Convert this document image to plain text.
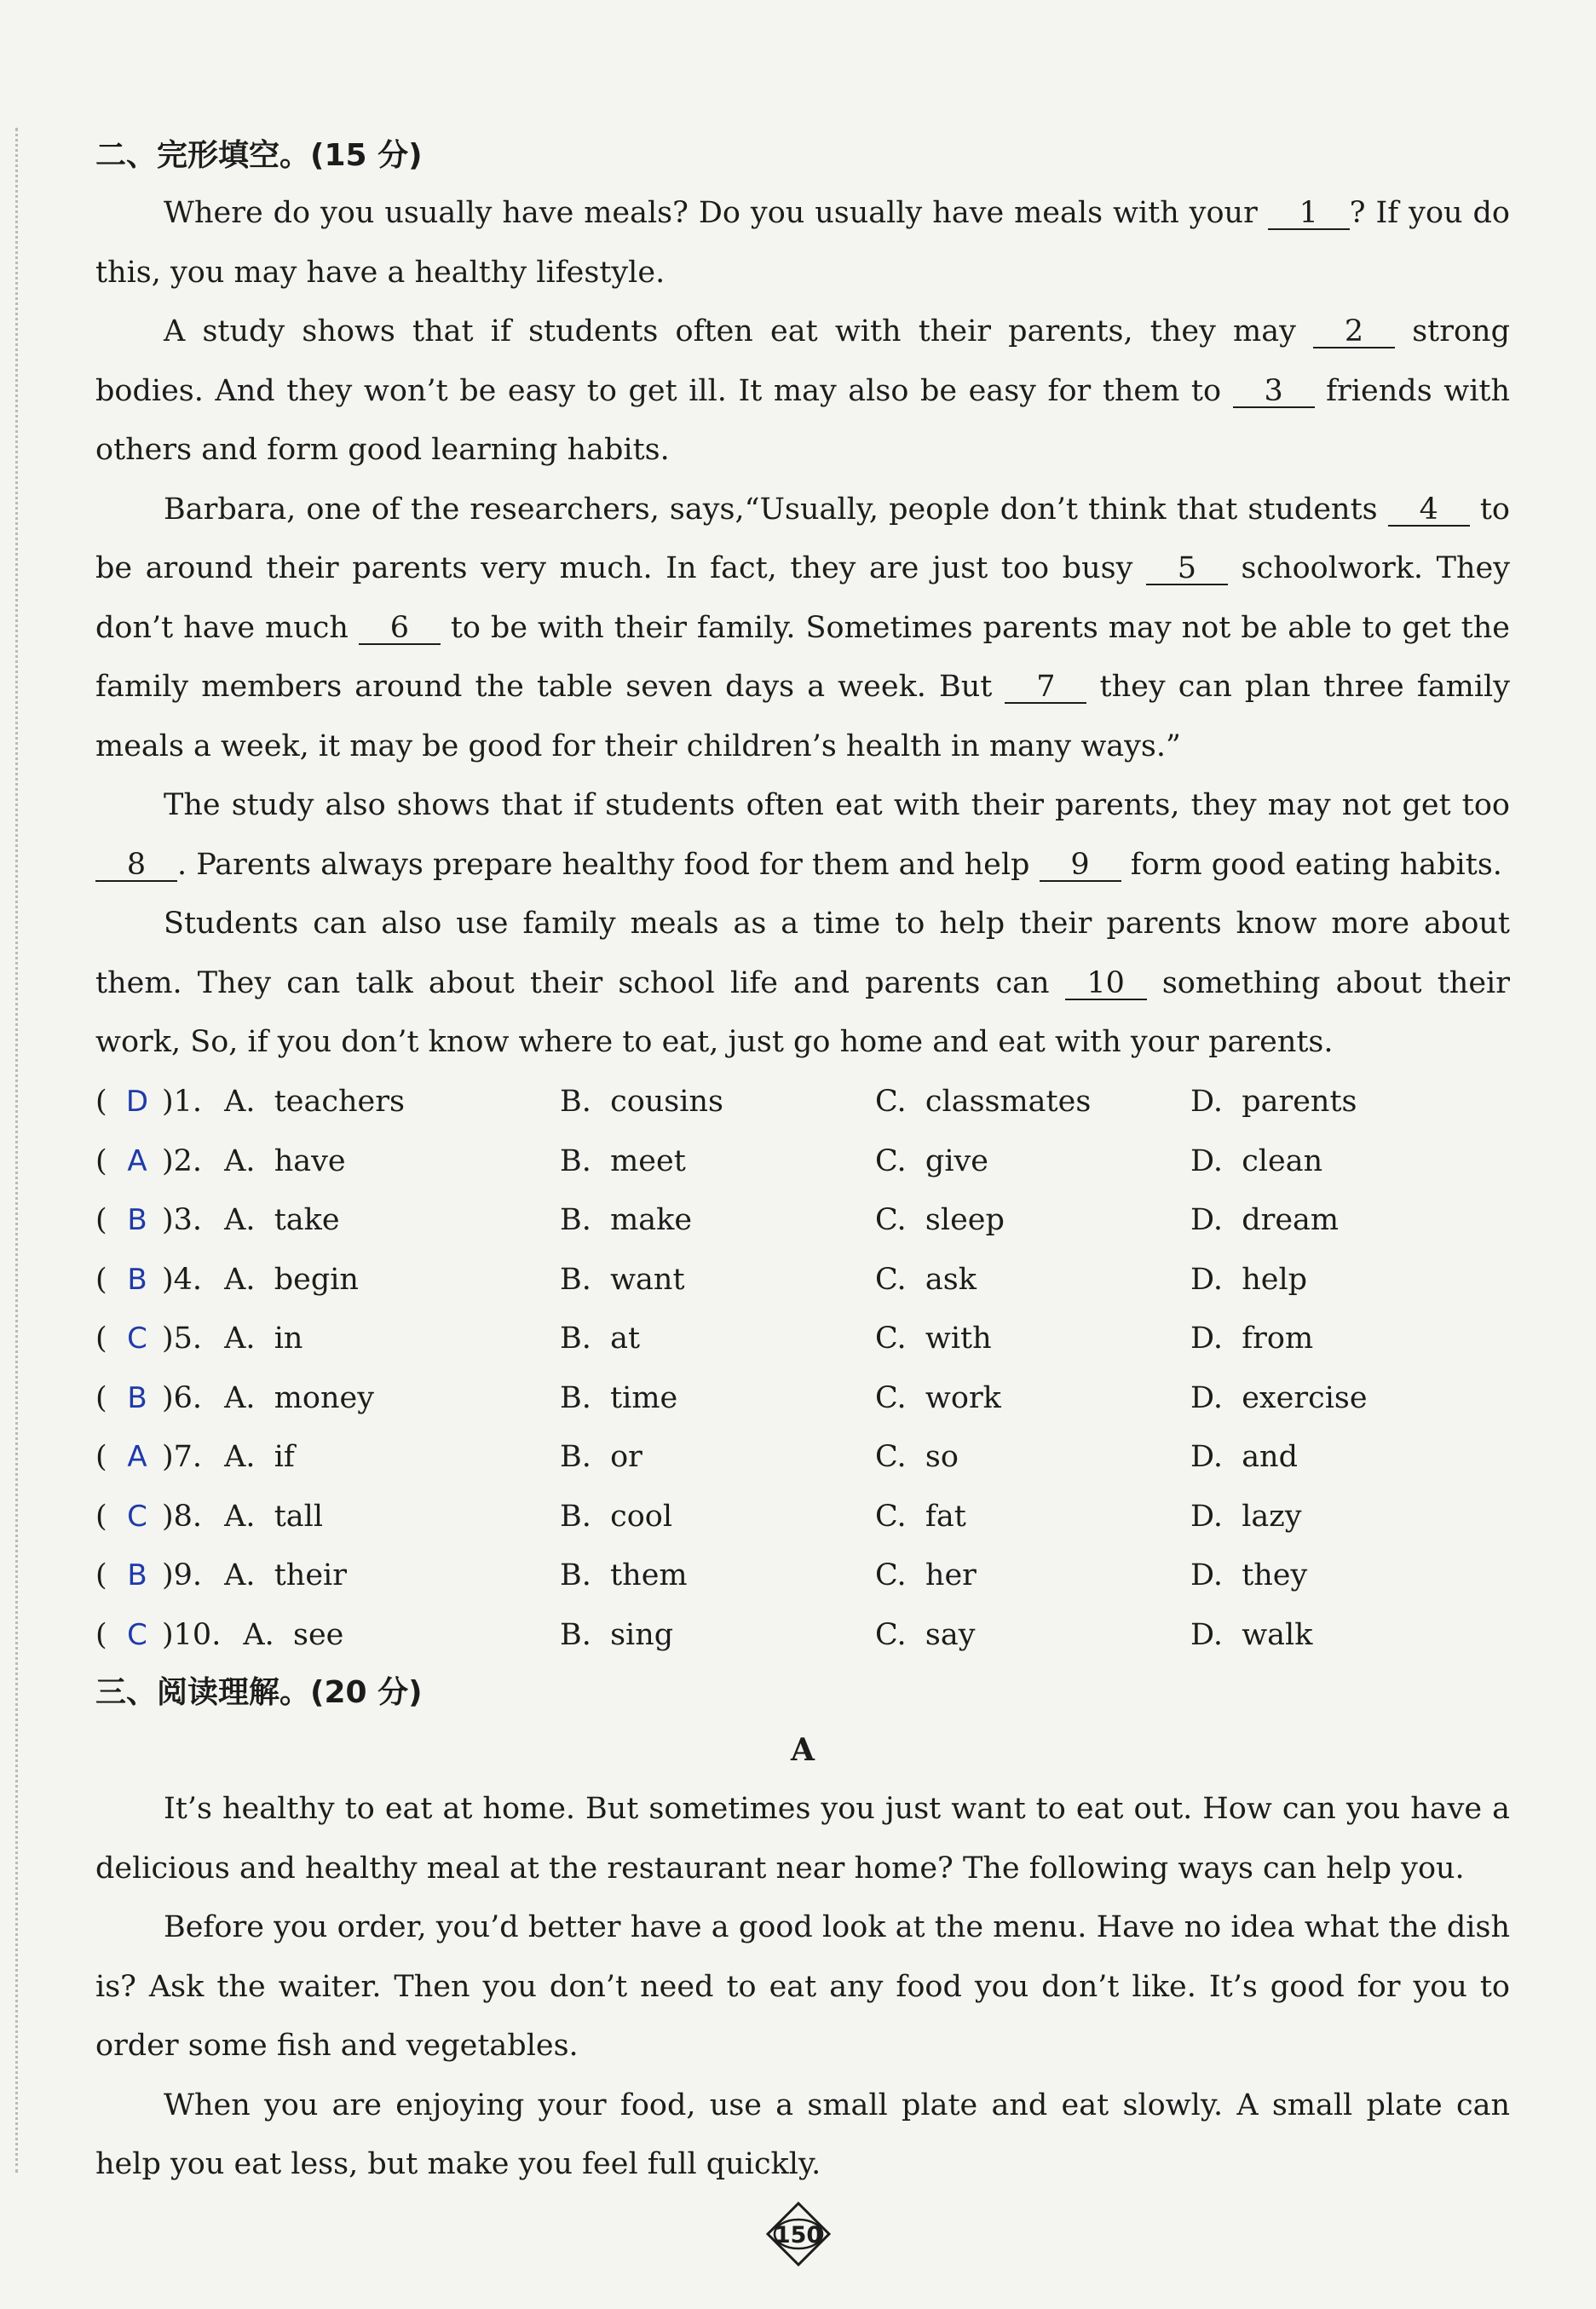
二、完形填空。(15 分)

Where do you usually have meals? Do you usually have meals with your 1 ? If you do this, you may have a healthy lifestyle.

A study shows that if students often eat with their parents, they may 2 strong bodies. And they won’t be easy to get ill. It may also be easy for them to 3 friends with others and form good learning habits.

Barbara, one of the researchers, says,“Usually, people don’t think that students 4 to be around their parents very much. In fact, they are just too busy 5 schoolwork. They don’t have much 6 to be with their family. Sometimes parents may not be able to get the family members around the table seven days a week. But 7 they can plan three family meals a week, it may be good for their children’s health in many ways.”

The study also shows that if students often eat with their parents, they may not get too 8 . Parents always prepare healthy food for them and help 9 form good eating habits.

Students can also use family meals as a time to help their parents know more about them. They can talk about their school life and parents can 10 something about their work, So, if you don’t know where to eat, just go home and eat with your parents.

( D ) 1. A.  teachers	B.  cousins	C.  classmates	D.  parents
( A ) 2. A.  have	B.  meet	C.  give	D.  clean
( B ) 3. A.  take	B.  make	C.  sleep	D.  dream
( B ) 4. A.  begin	B.  want	C.  ask	D.  help
( C ) 5. A.  in	B.  at	C.  with	D.  from
( B ) 6. A.  money	B.  time	C.  work	D.  exercise
( A ) 7. A.  if	B.  or	C.  so	D.  and
( C ) 8. A.  tall	B.  cool	C.  fat	D.  lazy
( B ) 9. A.  their	B.  them	C.  her	D.  they
( C ) 10. A.  see	B.  sing	C.  say	D.  walk
三、阅读理解。(20 分)
A

It’s healthy to eat at home. But sometimes you just want to eat out. How can you have a delicious and healthy meal at the restaurant near home? The following ways can help you.

Before you order, you’d better have a good look at the menu. Have no idea what the dish is? Ask the waiter. Then you don’t need to eat any food you don’t like. It’s good for you to order some fish and vegetables.

When you are enjoying your food, use a small plate and eat slowly. A small plate can help you eat less, but make you feel full quickly.

150
